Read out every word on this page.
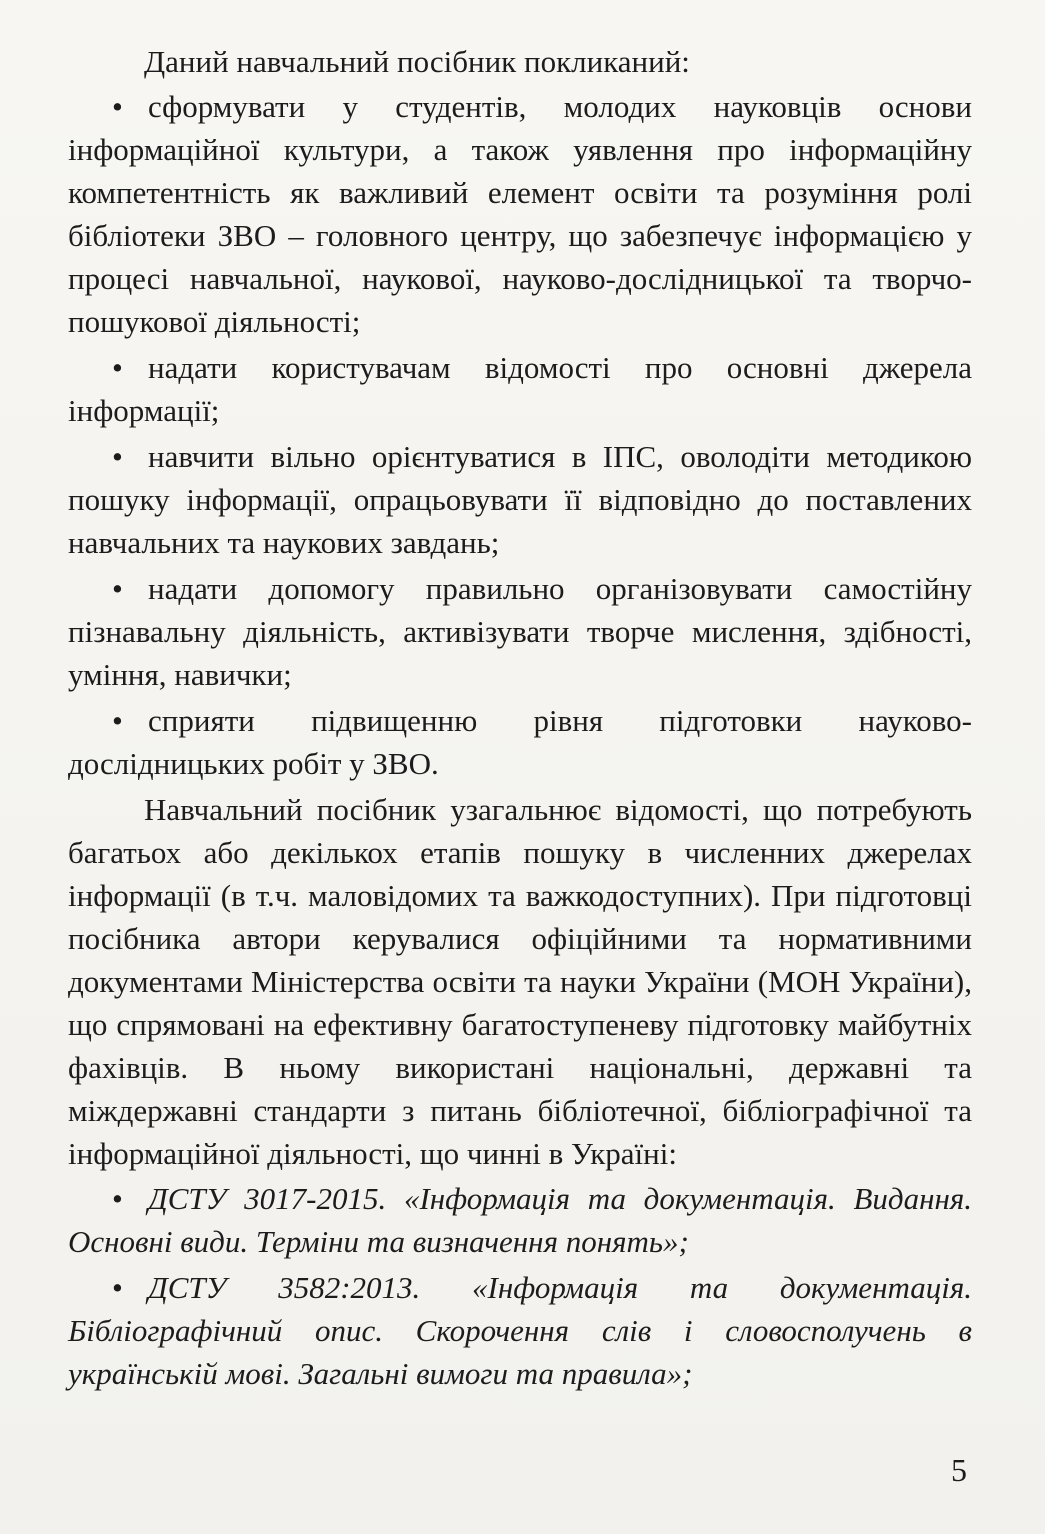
Даний навчальний посібник покликаний:

• сформувати у студентів, молодих науковців основи інформаційної культури, а також уявлення про інформаційну компетентність як важливий елемент освіти та розуміння ролі бібліотеки ЗВО – головного центру, що забезпечує інформацією у процесі навчальної, наукової, науково-дослідницької та творчо-пошукової діяльності;

• надати користувачам відомості про основні джерела інформації;

• навчити вільно орієнтуватися в ІПС, оволодіти методикою пошуку інформації, опрацьовувати її відповідно до поставлених навчальних та наукових завдань;

• надати допомогу правильно організовувати самостійну пізнавальну діяльність, активізувати творче мислення, здібності, уміння, навички;

• сприяти підвищенню рівня підготовки науково-дослідницьких робіт у ЗВО.

Навчальний посібник узагальнює відомості, що потребують багатьох або декількох етапів пошуку в численних джерелах інформації (в т.ч. маловідомих та важкодоступних). При підготовці посібника автори керувалися офіційними та нормативними документами Міністерства освіти та науки України (МОН України), що спрямовані на ефективну багатоступеневу підготовку майбутніх фахівців. В ньому використані національні, державні та міждержавні стандарти з питань бібліотечної, бібліографічної та інформаційної діяльності, що чинні в Україні:

• ДСТУ 3017-2015. «Інформація та документація. Видання. Основні види. Терміни та визначення понять»;

• ДСТУ 3582:2013. «Інформація та документація. Бібліографічний опис. Скорочення слів і словосполучень в українській мові. Загальні вимоги та правила»;

5
